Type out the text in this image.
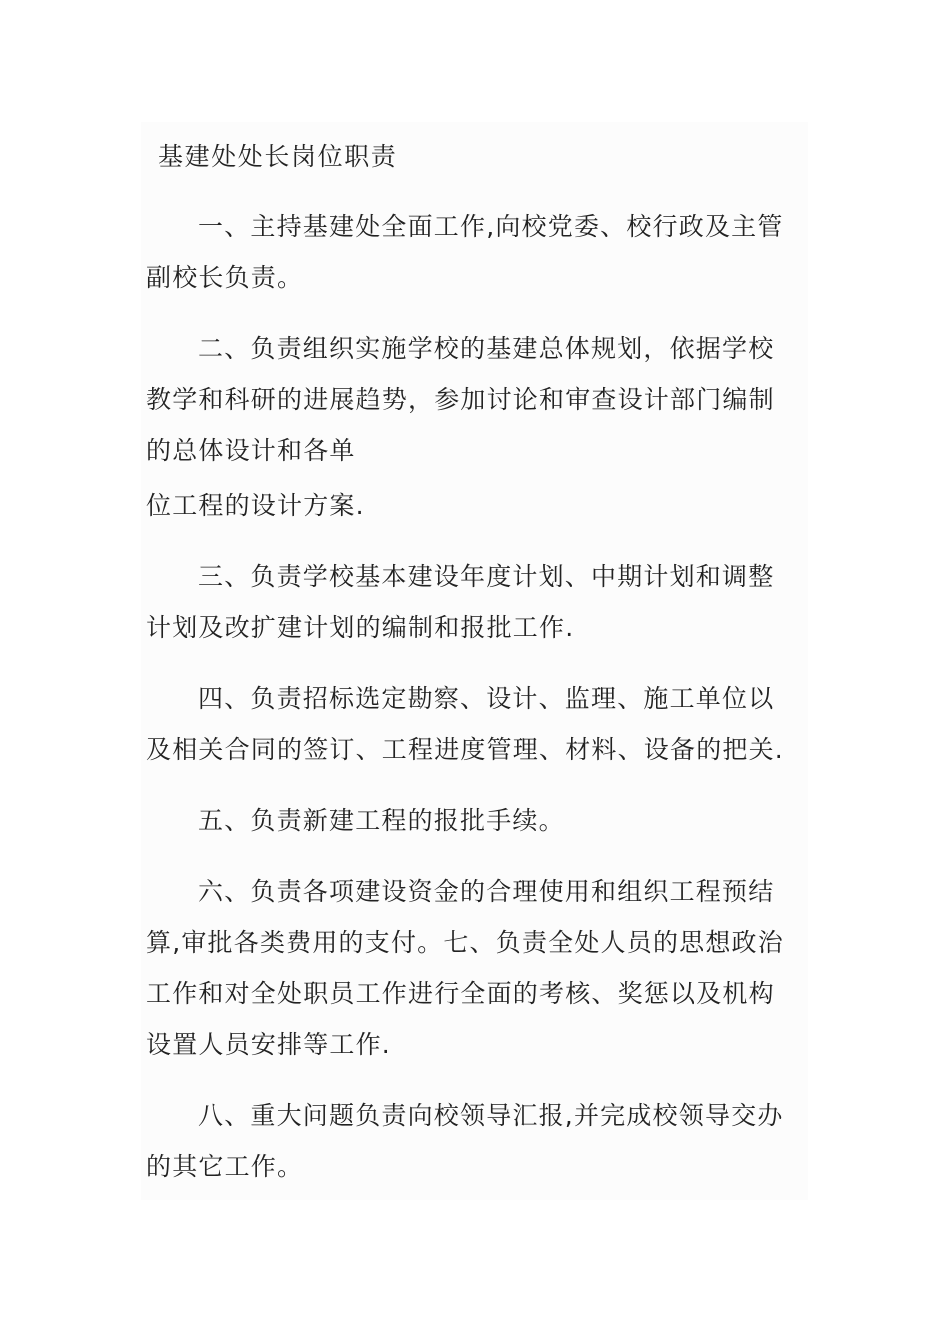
基建处处长岗位职责

一、主持基建处全面工作,向校党委、校行政及主管副校长负责。

二、负责组织实施学校的基建总体规划，依据学校教学和科研的进展趋势，参加讨论和审查设计部门编制的总体设计和各单

位工程的设计方案.

三、负责学校基本建设年度计划、中期计划和调整计划及改扩建计划的编制和报批工作.

四、负责招标选定勘察、设计、监理、施工单位以及相关合同的签订、工程进度管理、材料、设备的把关.

五、负责新建工程的报批手续。

六、负责各项建设资金的合理使用和组织工程预结算,审批各类费用的支付。七、负责全处人员的思想政治工作和对全处职员工作进行全面的考核、奖惩以及机构设置人员安排等工作.

八、重大问题负责向校领导汇报,并完成校领导交办的其它工作。
